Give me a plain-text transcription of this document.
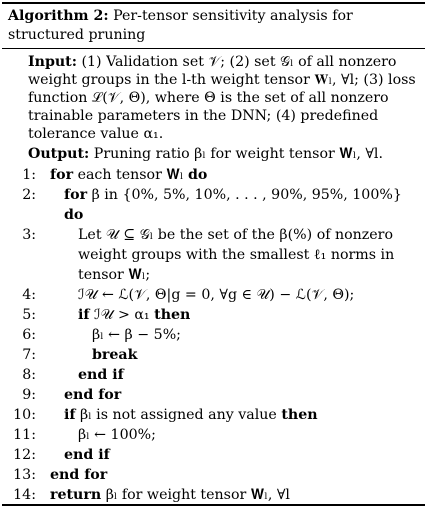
Algorithm 2: Per-tensor sensitivity analysis for structured pruning
Input: (1) Validation set 𝒱; (2) set 𝒢ₗ of all nonzero weight groups in the l-th weight tensor 𝐖ₗ, ∀l; (3) loss function ℒ(𝒱, Θ), where Θ is the set of all nonzero trainable parameters in the DNN; (4) predefined tolerance value α₁.
Output: Pruning ratio βₗ for weight tensor 𝐖ₗ, ∀l.
1: for each tensor 𝐖ₗ do
2: for β in {0%, 5%, 10%, . . . , 90%, 95%, 100%} do
3:	Let 𝒰 ⊆ 𝒢ₗ be the set of the β(%) of nonzero weight groups with the smallest ℓ₁ norms in tensor 𝐖ₗ;
4:	ℐ𝒰 ← ℒ(𝒱, Θ|g = 0, ∀g ∈ 𝒰) − ℒ(𝒱, Θ);
5:	if ℐ𝒰 > α₁ then
6:	βₗ ← β − 5%;
7:	break
8:	end if
9: end for
10: if βₗ is not assigned any value then
11:	βₗ ← 100%;
12: end if
13: end for
14: return βₗ for weight tensor 𝐖ₗ, ∀l
